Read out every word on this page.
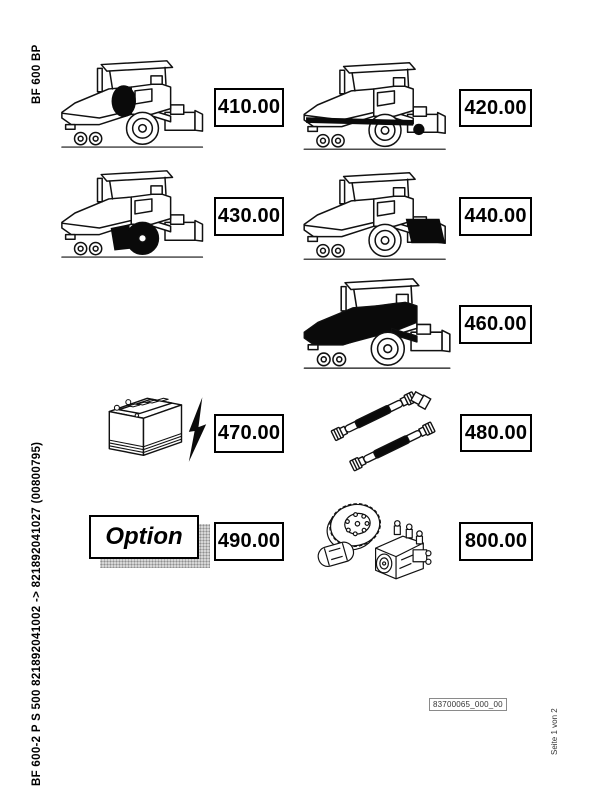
BF 600 BP
BF 600-2 P S 500 821892041002 -> 821892041027 (00800795)	Seite 1 von 2
83700065_000_00
410.00	420.00
430.00	440.00
460.00
470.00	480.00
Option	490.00	800.00
